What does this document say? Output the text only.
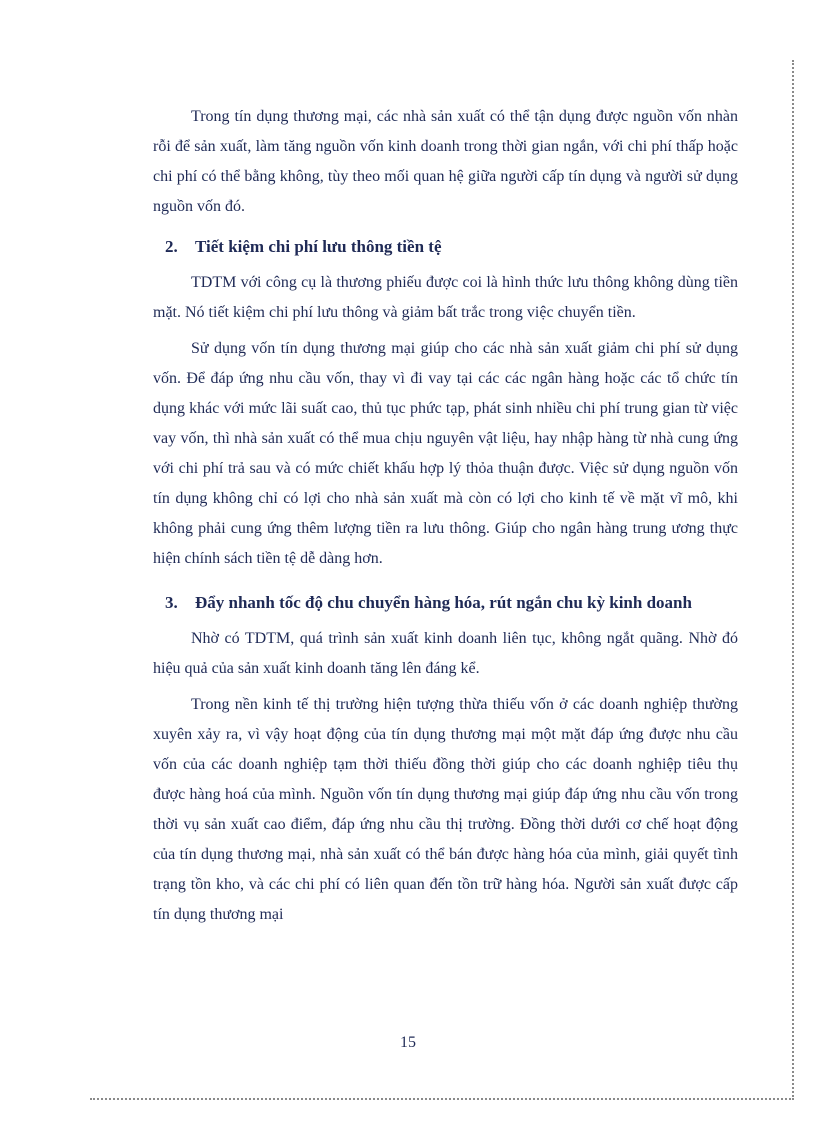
Trong tín dụng thương mại, các nhà sản xuất có thể tận dụng được nguồn vốn nhàn rỗi để sản xuất, làm tăng nguồn vốn kinh doanh trong thời gian ngắn, với chi phí thấp hoặc chi phí có thể bằng không, tùy theo mối quan hệ giữa người cấp tín dụng và người sử dụng nguồn vốn đó.

2.	Tiết kiệm chi phí lưu thông tiền tệ

TDTM với công cụ là thương phiếu được coi là hình thức lưu thông không dùng tiền mặt. Nó tiết kiệm chi phí lưu thông và giảm bất trắc trong việc chuyển tiền.

Sử dụng vốn tín dụng thương mại giúp cho các nhà sản xuất giảm chi phí sử dụng vốn. Để đáp ứng nhu cầu vốn, thay vì đi vay tại các các ngân hàng hoặc các tổ chức tín dụng khác với mức lãi suất cao, thủ tục phức tạp, phát sinh nhiều chi phí trung gian từ việc vay vốn, thì nhà sản xuất có thể mua chịu nguyên vật liệu, hay nhập hàng từ nhà cung ứng với chi phí trả sau và có mức chiết khấu hợp lý thỏa thuận được. Việc sử dụng nguồn vốn tín dụng không chỉ có lợi cho nhà sản xuất mà còn có lợi cho kinh tế về mặt vĩ mô, khi không phải cung ứng thêm lượng tiền ra lưu thông. Giúp cho ngân hàng trung ương thực hiện chính sách tiền tệ dễ dàng hơn.

3.	Đẩy nhanh tốc độ chu chuyển hàng hóa, rút ngắn chu kỳ kinh doanh

Nhờ có TDTM, quá trình sản xuất kinh doanh liên tục, không ngắt quãng. Nhờ đó hiệu quả của sản xuất kinh doanh tăng lên đáng kể.

Trong nền kinh tế thị trường hiện tượng thừa thiếu vốn ở các doanh nghiệp thường xuyên xảy ra, vì vậy hoạt động của tín dụng thương mại một mặt đáp ứng được nhu cầu vốn của các doanh nghiệp tạm thời thiếu đồng thời giúp cho các doanh nghiệp tiêu thụ được hàng hoá của mình. Nguồn vốn tín dụng thương mại giúp đáp ứng nhu cầu vốn trong thời vụ sản xuất cao điểm, đáp ứng nhu cầu thị trường. Đồng thời dưới cơ chế hoạt động của tín dụng thương mại, nhà sản xuất có thể bán được hàng hóa của mình, giải quyết tình trạng tồn kho, và các chi phí có liên quan đến tồn trữ hàng hóa. Người sản xuất được cấp tín dụng thương mại

15
